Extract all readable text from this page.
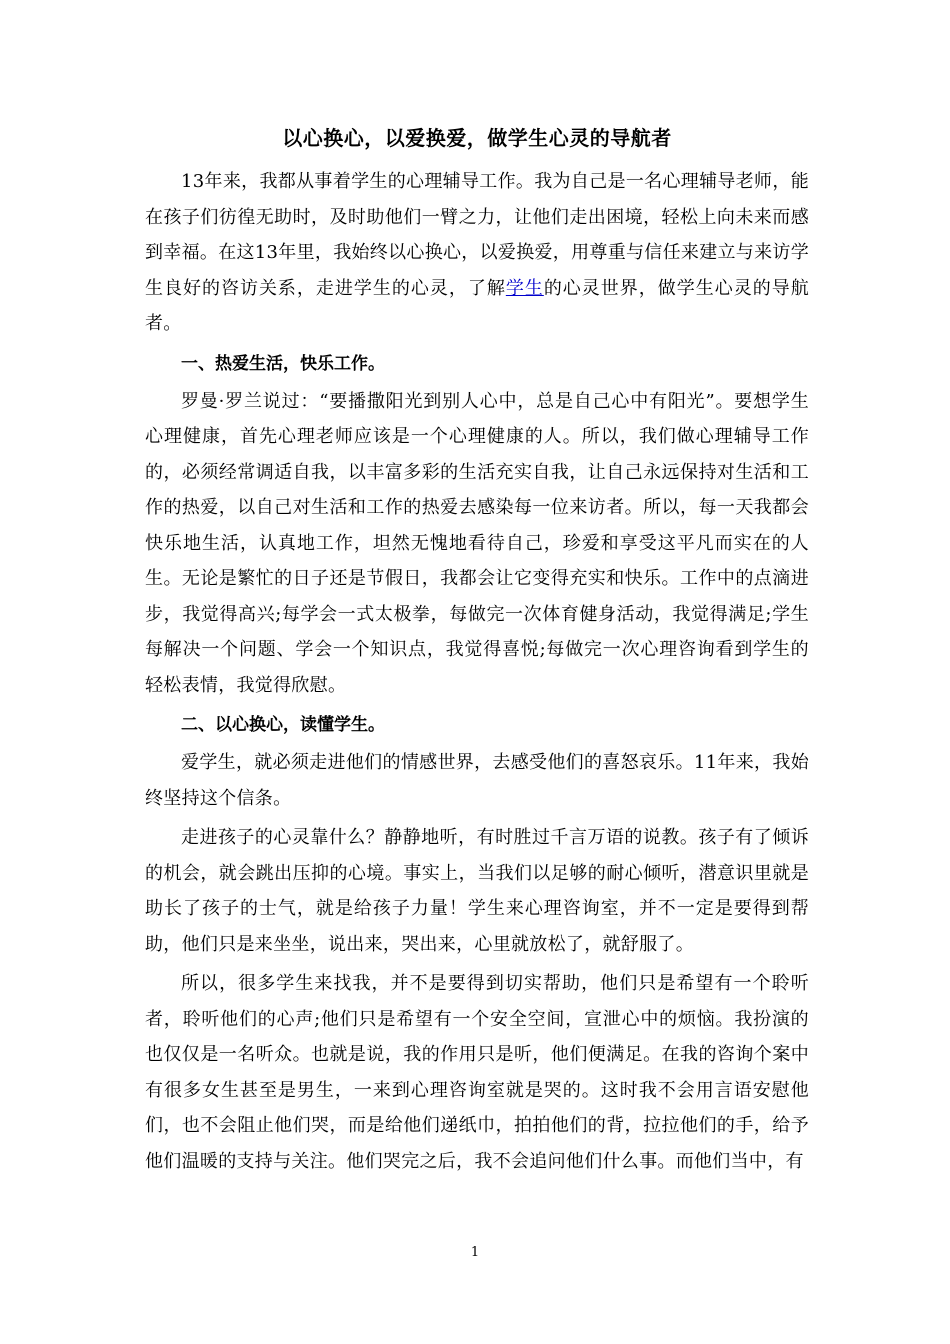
以心换心，以爱换爱，做学生心灵的导航者

13年来，我都从事着学生的心理辅导工作。我为自己是一名心理辅导老师，能在孩子们彷徨无助时，及时助他们一臂之力，让他们走出困境，轻松上向未来而感到幸福。在这13年里，我始终以心换心，以爱换爱，用尊重与信任来建立与来访学生良好的咨访关系，走进学生的心灵，了解学生的心灵世界，做学生心灵的导航者。

一、热爱生活，快乐工作。

罗曼·罗兰说过：“要播撒阳光到别人心中，总是自己心中有阳光”。要想学生心理健康，首先心理老师应该是一个心理健康的人。所以，我们做心理辅导工作的，必须经常调适自我，以丰富多彩的生活充实自我，让自己永远保持对生活和工作的热爱，以自己对生活和工作的热爱去感染每一位来访者。所以，每一天我都会快乐地生活，认真地工作，坦然无愧地看待自己，珍爱和享受这平凡而实在的人生。无论是繁忙的日子还是节假日，我都会让它变得充实和快乐。工作中的点滴进步，我觉得高兴;每学会一式太极拳，每做完一次体育健身活动，我觉得满足;学生每解决一个问题、学会一个知识点，我觉得喜悦;每做完一次心理咨询看到学生的轻松表情，我觉得欣慰。

二、以心换心，读懂学生。

爱学生，就必须走进他们的情感世界，去感受他们的喜怒哀乐。11年来，我始终坚持这个信条。

走进孩子的心灵靠什么？静静地听，有时胜过千言万语的说教。孩子有了倾诉的机会，就会跳出压抑的心境。事实上，当我们以足够的耐心倾听，潜意识里就是助长了孩子的士气，就是给孩子力量！学生来心理咨询室，并不一定是要得到帮助，他们只是来坐坐，说出来，哭出来，心里就放松了，就舒服了。

所以，很多学生来找我，并不是要得到切实帮助，他们只是希望有一个聆听者，聆听他们的心声;他们只是希望有一个安全空间，宣泄心中的烦恼。我扮演的也仅仅是一名听众。也就是说，我的作用只是听，他们便满足。在我的咨询个案中有很多女生甚至是男生，一来到心理咨询室就是哭的。这时我不会用言语安慰他们，也不会阻止他们哭，而是给他们递纸巾，拍拍他们的背，拉拉他们的手，给予他们温暖的支持与关注。他们哭完之后，我不会追问他们什么事。而他们当中，有

1
